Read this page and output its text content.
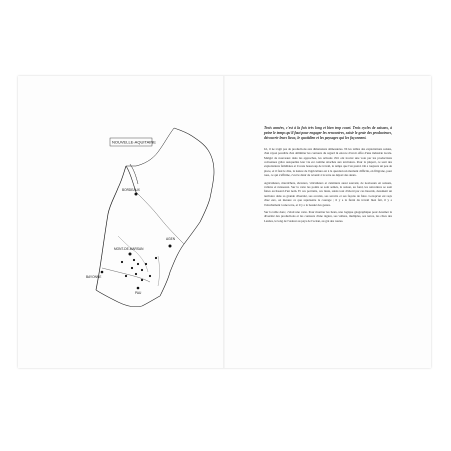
NOUVELLE-AQUITAINE
BORDEAUX
MONT-DE-MARSAN
AGEN
BAYONNE
PAU

Trois années, c'est à la fois très long et bien trop court. Trois cycles de saisons, à peine le temps qu'il faut pour engager les rencontres, saisir le geste des producteurs, découvrir leurs lieux, le quotidien et les paysages qui les façonnent.

Ici, il ne s'agit pas de productions aux dimensions démesurées. Ni les tailles des exploitations saisies, d'un rayon possible d'en délimiter les contours du regard ni encore d'avoir offre d'une industrie locale. Malgré de nouveaux dans les approches, les artisans d'ici ont trouvé une voie par les productions convenues grâce auxquelles leur vie est comme attachée aux territoires. Pour la plupart, ce sont des exploitations familiales et il reste beaucoup de travail, le temps que l'on prend. On a toujours un peu de place, et il faut le dire, la nature de l'agriculture est à la question un moment difficile, en filigrane, pour tous, ce qui s'affirme, c'est le désir de revenir à la terre au départ des aïeux.

Agriculteurs, maraîchers, éleveurs, viticulteurs et cuisiniers aussi souvent, de nouveaux en saisons, vallons et ruisseaux. Sur la carte les points se sont semés, la saison, au fond, les rencontres se sont faites au hasard d'un nom. Et ces portraits, ces lieux, saisis tout d'abord par ces hasards, dessinent un territoire dans sa grande diversité, ses accents, ses savoirs et ses façons de faire. Lorsqu'on est reçu chez eux, on mesure ce que représente le courage ; il y a la fierté du travail bien fait, il y a l'attachement à une terre, et il y a la beauté des gestes.

Sur la table donc, c'était une carte. Pour montrer les lieux, une logique géographique pour dessiner la diversité des productions et les contours d'une région, ses vallées, multiples, ses terres, les côtes des Landes, le long de l'Adour au pays de l'océan, au gré des routes.
